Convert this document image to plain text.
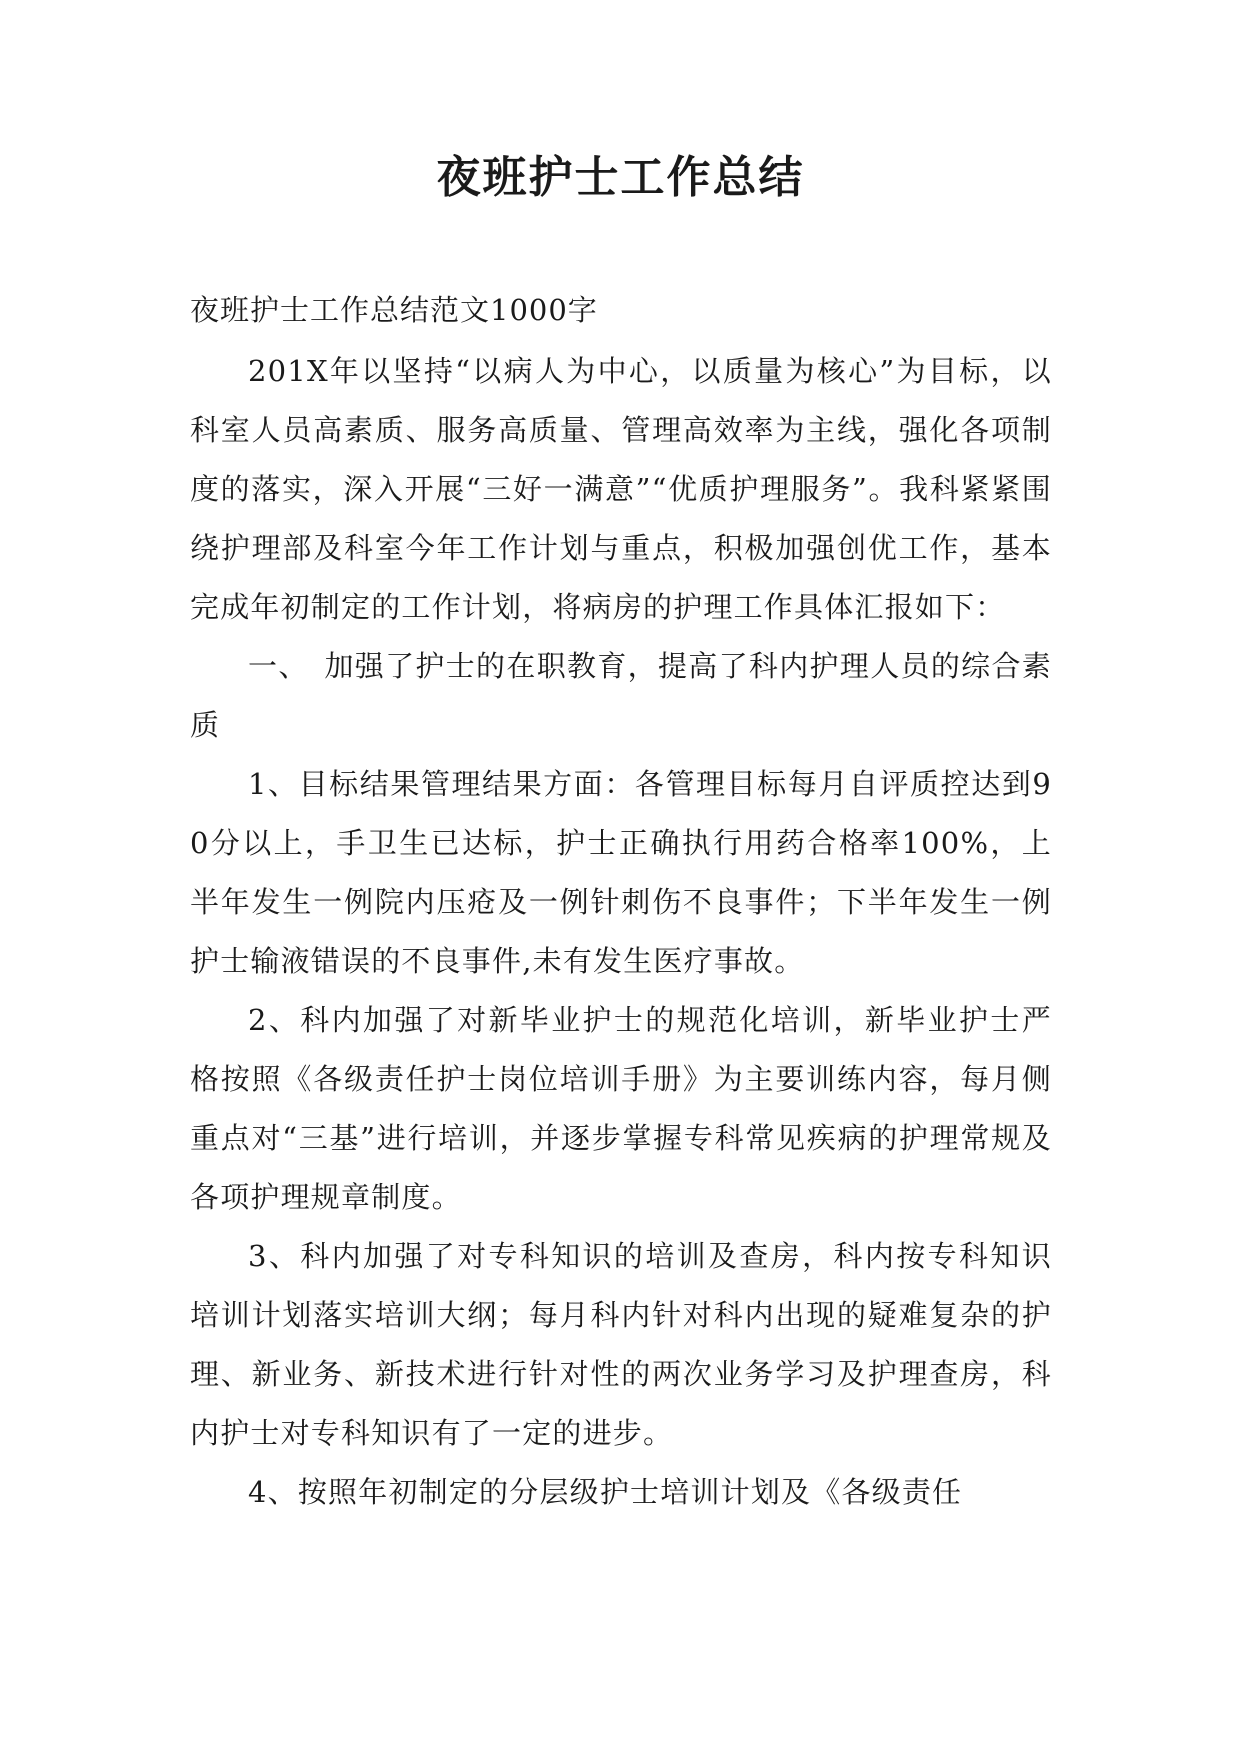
夜班护士工作总结

夜班护士工作总结范文1000字

201X年以坚持“以病人为中心，以质量为核心”为目标，以科室人员高素质、服务高质量、管理高效率为主线，强化各项制度的落实，深入开展“三好一满意”“优质护理服务”。我科紧紧围绕护理部及科室今年工作计划与重点，积极加强创优工作，基本完成年初制定的工作计划，将病房的护理工作具体汇报如下：

一、　加强了护士的在职教育，提高了科内护理人员的综合素质

1、目标结果管理结果方面：各管理目标每月自评质控达到90分以上，手卫生已达标，护士正确执行用药合格率100%，上半年发生一例院内压疮及一例针刺伤不良事件；下半年发生一例护士输液错误的不良事件,未有发生医疗事故。

2、科内加强了对新毕业护士的规范化培训，新毕业护士严格按照《各级责任护士岗位培训手册》为主要训练内容，每月侧重点对“三基”进行培训，并逐步掌握专科常见疾病的护理常规及各项护理规章制度。

3、科内加强了对专科知识的培训及查房，科内按专科知识培训计划落实培训大纲；每月科内针对科内出现的疑难复杂的护理、新业务、新技术进行针对性的两次业务学习及护理查房，科内护士对专科知识有了一定的进步。

4、按照年初制定的分层级护士培训计划及《各级责任
